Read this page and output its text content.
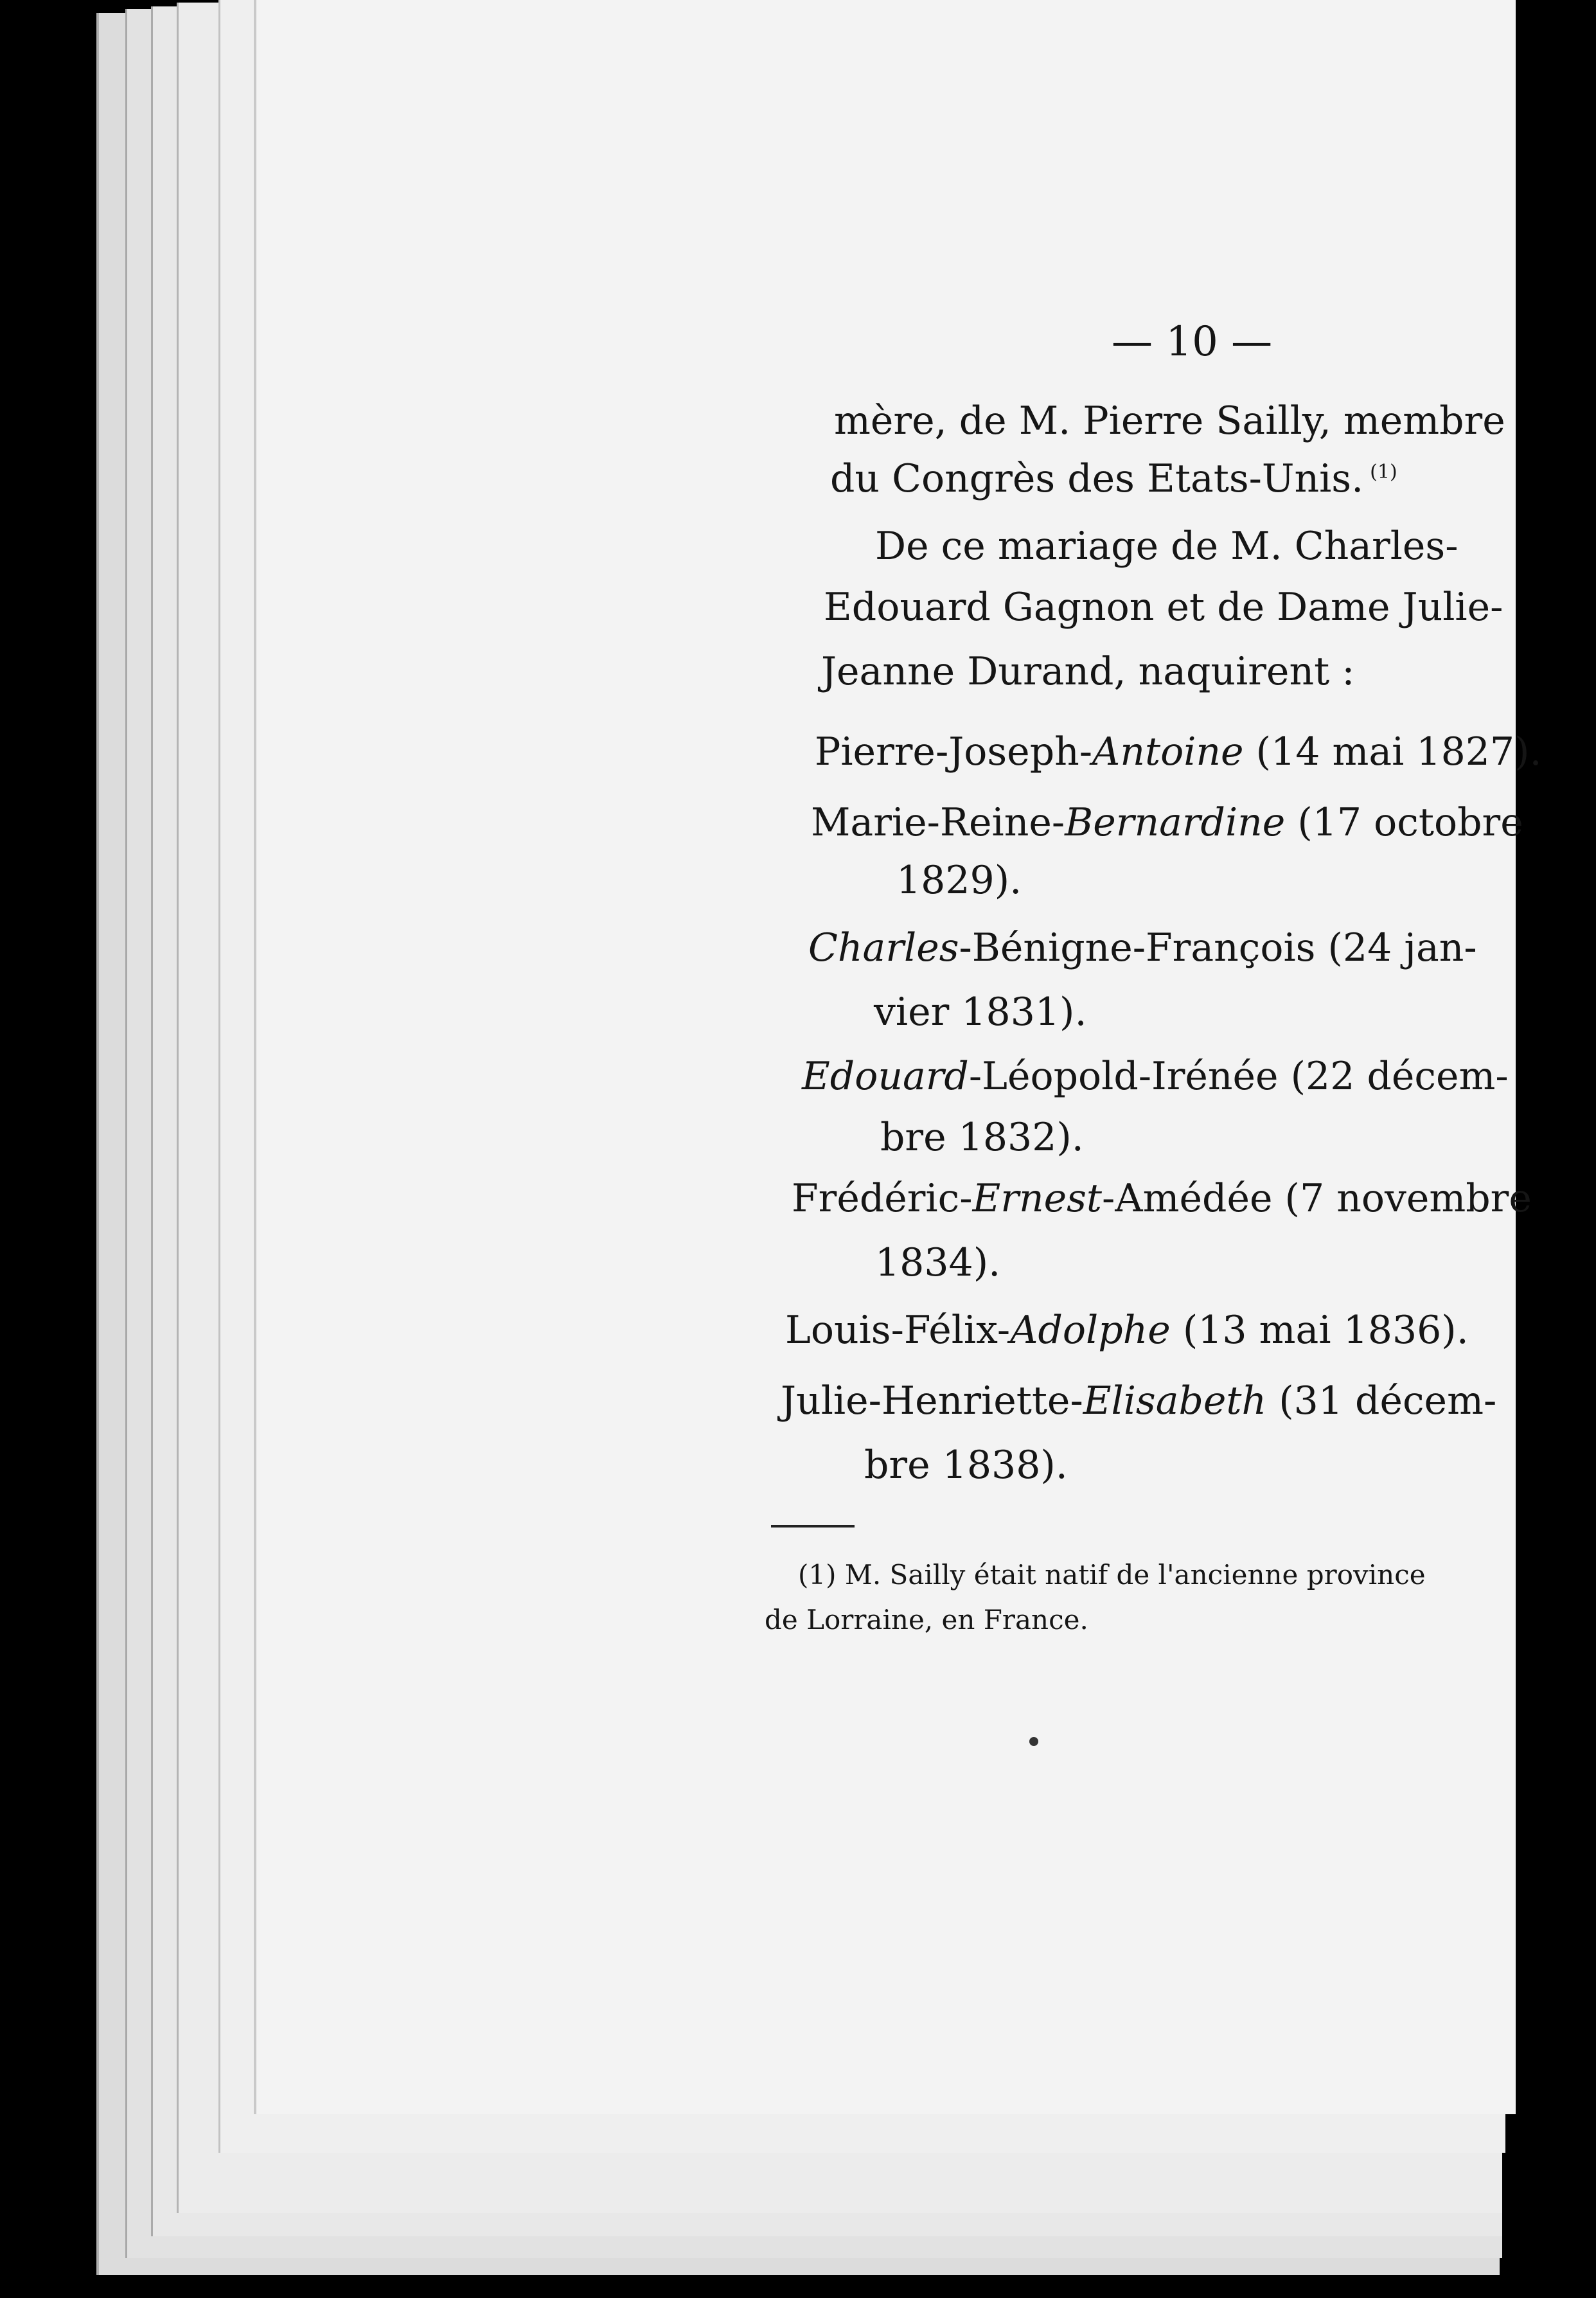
— 10 —

mère, de M. Pierre Sailly, membre

du Congrès des Etats-Unis. $^{(1)}$

De ce mariage de M. Charles-

Edouard Gagnon et de Dame Julie-

Jeanne Durand, naquirent :

Pierre-Joseph-Antoine (14 mai 1827).

Marie-Reine-Bernardine (17 octobre

1829).

Charles-Bénigne-François (24 jan-

vier 1831).

Edouard-Léopold-Irénée (22 décem-

bre 1832).

Frédéric-Ernest-Amédée (7 novembre

1834).

Louis-Félix-Adolphe (13 mai 1836).

Julie-Henriette-Elisabeth (31 décem-

bre 1838).

(1) M. Sailly était natif de l'ancienne province

de Lorraine, en France.
